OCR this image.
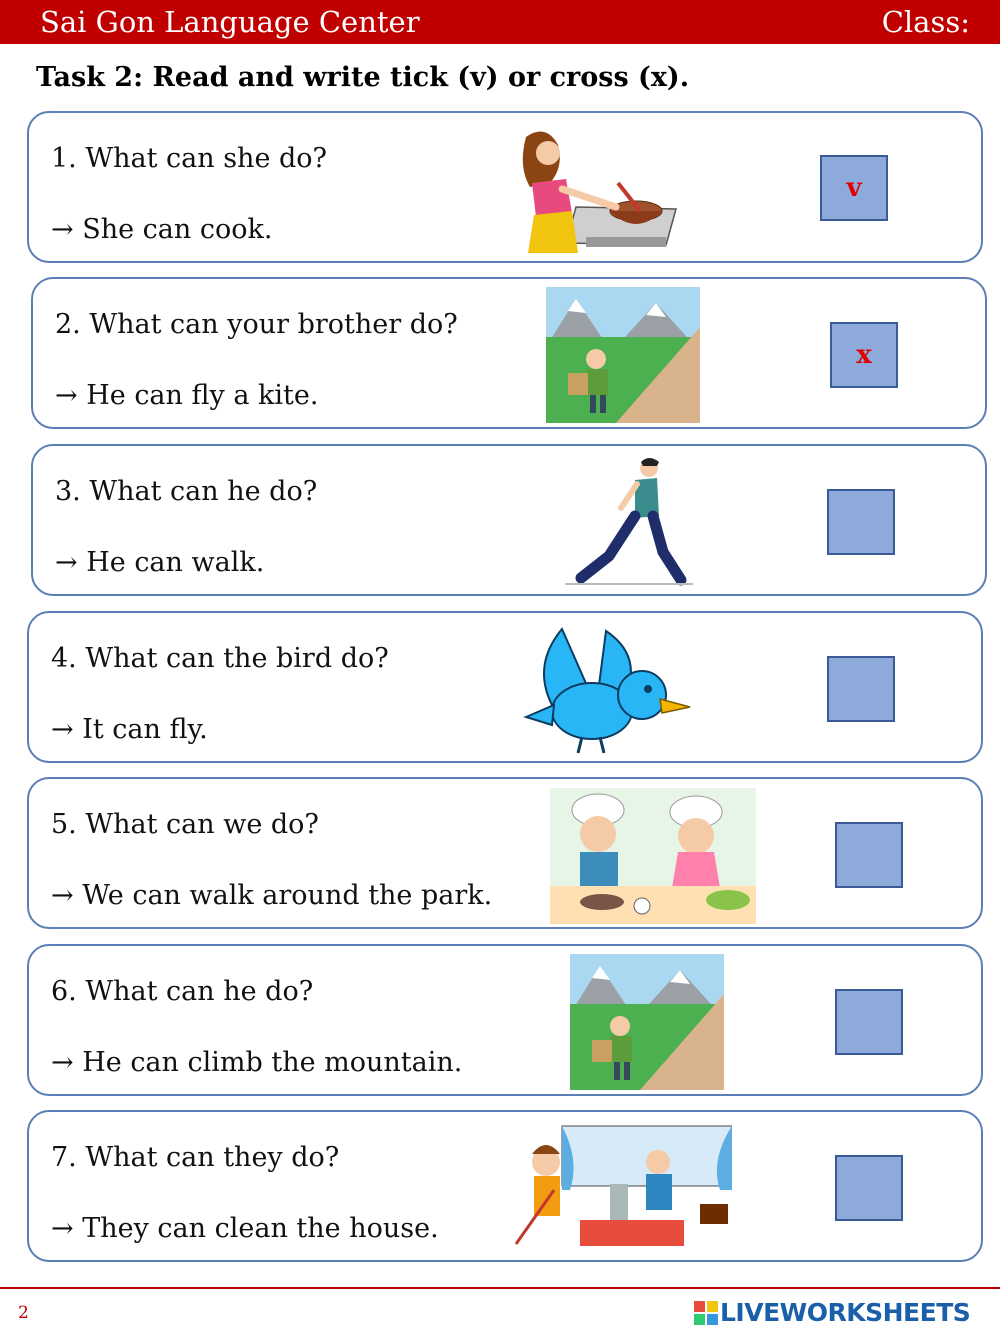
Sai Gon Language Center	Class:
Task 2: Read and write tick (v) or cross (x).
1. What can she do?
→ She can cook.
v
2. What can your brother do?
→ He can fly a kite.
x
3. What can he do?
→ He can walk.
4. What can the bird do?
→ It can fly.
5. What can we do?
→ We can walk around the park.
6. What can he do?
→ He can climb the mountain.
7. What can they do?
→ They can clean the house.
2	LIVEWORKSHEETS
